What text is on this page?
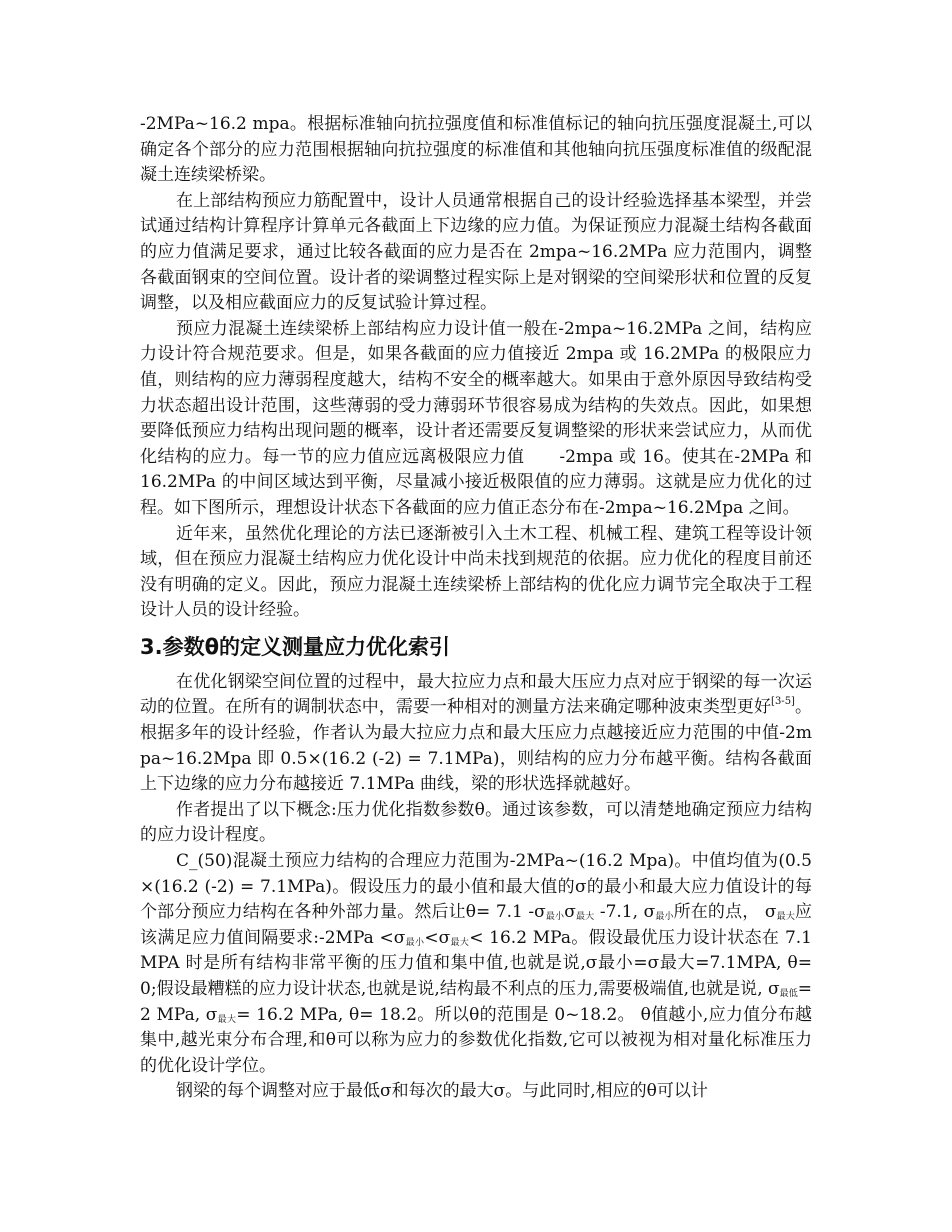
-2MPa~16.2 mpa。根据标准轴向抗拉强度值和标准值标记的轴向抗压强度混凝土,可以确定各个部分的应力范围根据轴向抗拉强度的标准值和其他轴向抗压强度标准值的级配混凝土连续梁桥梁。

在上部结构预应力筋配置中，设计人员通常根据自己的设计经验选择基本梁型，并尝试通过结构计算程序计算单元各截面上下边缘的应力值。为保证预应力混凝土结构各截面的应力值满足要求，通过比较各截面的应力是否在 2mpa~16.2MPa 应力范围内，调整各截面钢束的空间位置。设计者的梁调整过程实际上是对钢梁的空间梁形状和位置的反复调整，以及相应截面应力的反复试验计算过程。

预应力混凝土连续梁桥上部结构应力设计值一般在-2mpa~16.2MPa 之间，结构应力设计符合规范要求。但是，如果各截面的应力值接近 2mpa 或 16.2MPa 的极限应力值，则结构的应力薄弱程度越大，结构不安全的概率越大。如果由于意外原因导致结构受力状态超出设计范围，这些薄弱的受力薄弱环节很容易成为结构的失效点。因此，如果想要降低预应力结构出现问题的概率，设计者还需要反复调整梁的形状来尝试应力，从而优化结构的应力。每一节的应力值应远离极限应力值　　-2mpa 或 16。使其在-2MPa 和 16.2MPa 的中间区域达到平衡，尽量减小接近极限值的应力薄弱。这就是应力优化的过程。如下图所示，理想设计状态下各截面的应力值正态分布在-2mpa~16.2Mpa 之间。

近年来，虽然优化理论的方法已逐渐被引入土木工程、机械工程、建筑工程等设计领域，但在预应力混凝土结构应力优化设计中尚未找到规范的依据。应力优化的程度目前还没有明确的定义。因此，预应力混凝土连续梁桥上部结构的优化应力调节完全取决于工程设计人员的设计经验。

3.参数θ的定义测量应力优化索引

在优化钢梁空间位置的过程中，最大拉应力点和最大压应力点对应于钢梁的每一次运动的位置。在所有的调制状态中，需要一种相对的测量方法来确定哪种波束类型更好[3-5]。根据多年的设计经验，作者认为最大拉应力点和最大压应力点越接近应力范围的中值-2mpa~16.2Mpa 即 0.5×(16.2 (-2) = 7.1MPa)，则结构的应力分布越平衡。结构各截面上下边缘的应力分布越接近 7.1MPa 曲线，梁的形状选择就越好。

作者提出了以下概念:压力优化指数参数θ。通过该参数，可以清楚地确定预应力结构的应力设计程度。

C_(50)混凝土预应力结构的合理应力范围为-2MPa~(16.2 Mpa)。中值均值为(0.5×(16.2 (-2) = 7.1MPa)。假设压力的最小值和最大值的σ的最小和最大应力值设计的每个部分预应力结构在各种外部力量。然后让θ= 7.1 $-\sigma_{最小}\sigma_{最大}$ -7.1, $\sigma_{最小}$所在的点， $\sigma_{最大}$应该满足应力值间隔要求:-2MPa $<\sigma_{最小}<\sigma_{最大}< 16.2$ MPa。假设最优压力设计状态在 7.1 MPA 时是所有结构非常平衡的压力值和集中值,也就是说,σ最小=σ最大=7.1MPA, θ= 0;假设最糟糕的应力设计状态,也就是说,结构最不利点的压力,需要极端值,也就是说, $\sigma_{最低}= 2$ MPa, $\sigma_{最大}= 16.2$ MPa, θ= 18.2。所以θ的范围是 0~18.2。 θ值越小,应力值分布越集中,越光束分布合理,和θ可以称为应力的参数优化指数,它可以被视为相对量化标准压力的优化设计学位。

钢梁的每个调整对应于最低σ和每次的最大σ。与此同时,相应的θ可以计
